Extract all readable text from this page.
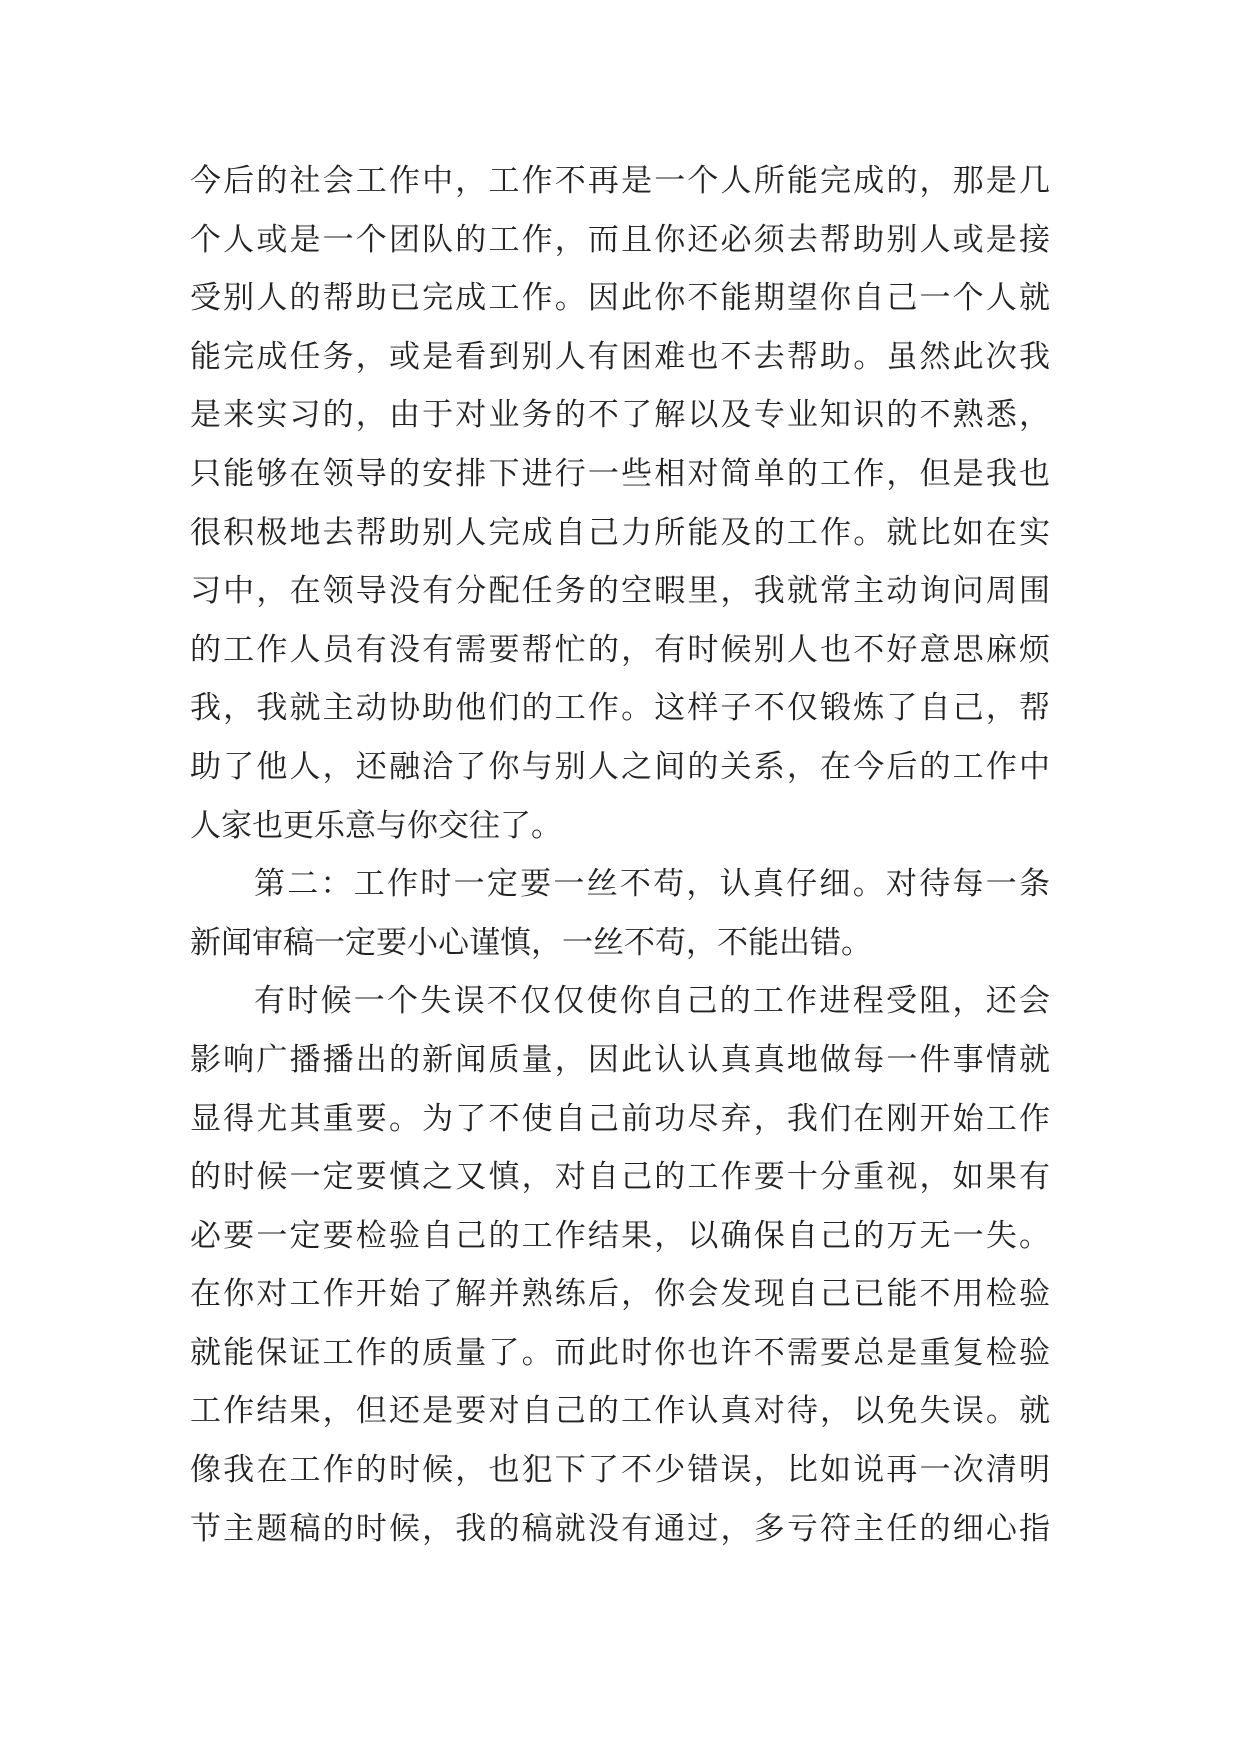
今后的社会工作中，工作不再是一个人所能完成的，那是几
个人或是一个团队的工作，而且你还必须去帮助别人或是接
受别人的帮助已完成工作。因此你不能期望你自己一个人就
能完成任务，或是看到别人有困难也不去帮助。虽然此次我
是来实习的，由于对业务的不了解以及专业知识的不熟悉，
只能够在领导的安排下进行一些相对简单的工作，但是我也
很积极地去帮助别人完成自己力所能及的工作。就比如在实
习中，在领导没有分配任务的空暇里，我就常主动询问周围
的工作人员有没有需要帮忙的，有时候别人也不好意思麻烦
我，我就主动协助他们的工作。这样子不仅锻炼了自己，帮
助了他人，还融洽了你与别人之间的关系，在今后的工作中
人家也更乐意与你交往了。
第二：工作时一定要一丝不苟，认真仔细。对待每一条
新闻审稿一定要小心谨慎，一丝不苟，不能出错。
有时候一个失误不仅仅使你自己的工作进程受阻，还会
影响广播播出的新闻质量，因此认认真真地做每一件事情就
显得尤其重要。为了不使自己前功尽弃，我们在刚开始工作
的时候一定要慎之又慎，对自己的工作要十分重视，如果有
必要一定要检验自己的工作结果，以确保自己的万无一失。
在你对工作开始了解并熟练后，你会发现自己已能不用检验
就能保证工作的质量了。而此时你也许不需要总是重复检验
工作结果，但还是要对自己的工作认真对待，以免失误。就
像我在工作的时候，也犯下了不少错误，比如说再一次清明
节主题稿的时候，我的稿就没有通过，多亏符主任的细心指
